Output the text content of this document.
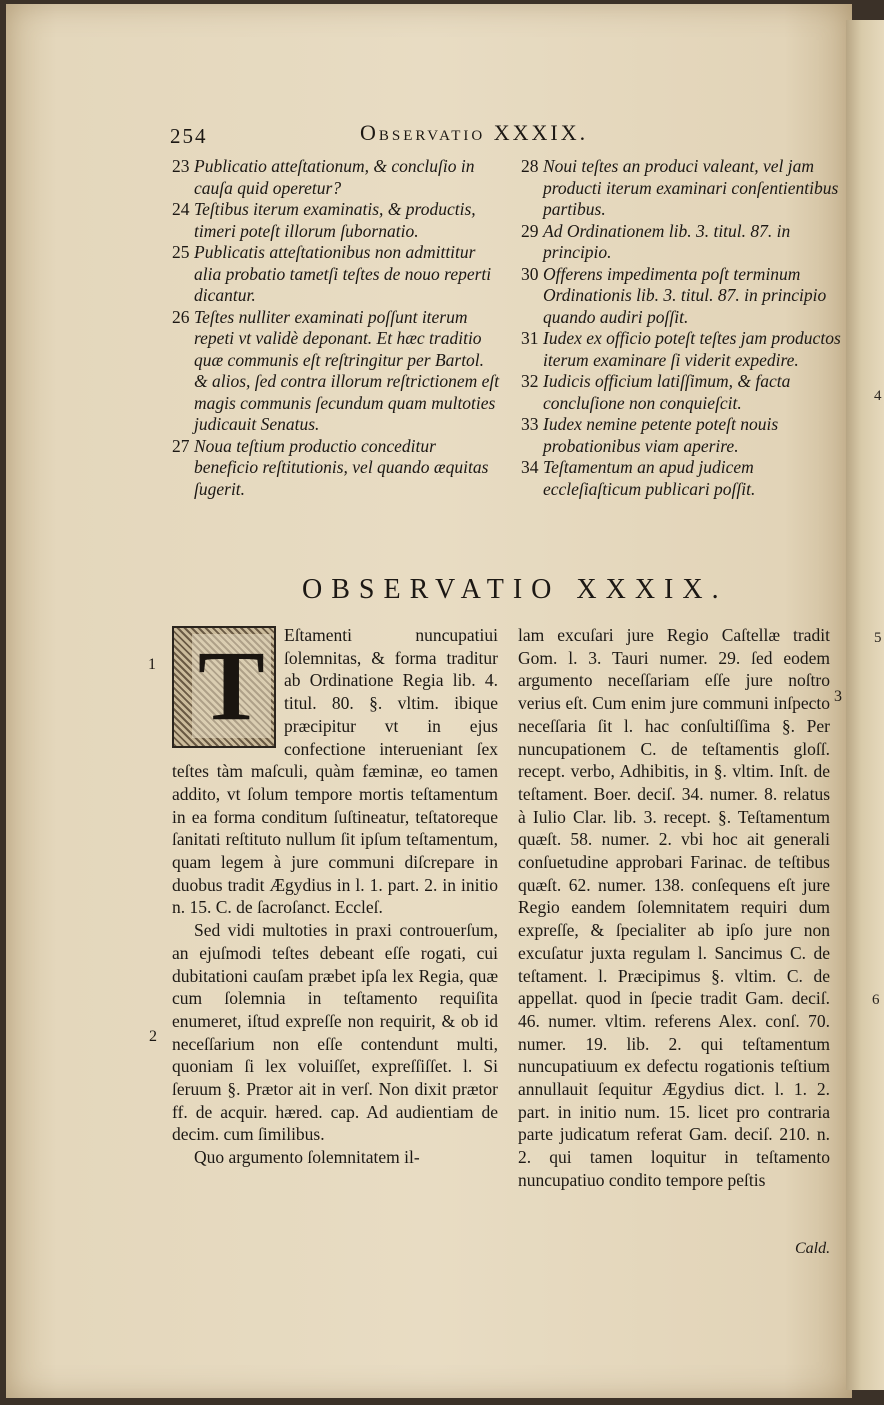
254	Observatio XXXIX.
23 Publicatio atteſtationum, & concluſio in cauſa quid operetur?
24 Teſtibus iterum examinatis, & productis, timeri poteſt illorum ſubornatio.
25 Publicatis atteſtationibus non admittitur alia probatio tametſi teſtes de nouo reperti dicantur.
26 Teſtes nulliter examinati poſſunt iterum repeti vt validè deponant. Et hæc traditio quæ communis eſt reſtringitur per Bartol. & alios, ſed contra illorum reſtrictionem eſt magis communis ſecundum quam multoties judicauit Senatus.
27 Noua teſtium productio conceditur beneficio reſtitutionis, vel quando æquitas ſugerit.
28 Noui teſtes an produci valeant, vel jam producti iterum examinari conſentientibus partibus.
29 Ad Ordinationem lib. 3. titul. 87. in principio.
30 Offerens impedimenta poſt terminum Ordinationis lib. 3. titul. 87. in principio quando audiri poſſit.
31 Iudex ex officio poteſt teſtes jam productos iterum examinare ſi viderit expedire.
32 Iudicis officium latiſſimum, & facta concluſione non conquieſcit.
33 Iudex nemine petente poteſt nouis probationibus viam aperire.
34 Teſtamentum an apud judicem eccleſiaſticum publicari poſſit.
OBSERVATIO XXXIX.

T	Eſtamenti nuncupatiui ſolemnitas, & forma traditur ab Ordinatione Regia lib. 4. titul. 80. §. vltim. ibique præcipitur vt in ejus confectione interueniant ſex teſtes tàm maſculi, quàm fæminæ, eo tamen addito, vt ſolum tempore mortis teſtamentum in ea forma conditum ſuſtineatur, teſtatoreque ſanitati reſtituto nullum ſit ipſum teſtamentum, quam legem à jure communi diſcrepare in duobus tradit Ægydius in l. 1. part. 2. in initio n. 15. C. de ſacroſanct. Eccleſ.

Sed vidi multoties in praxi controuerſum, an ejuſmodi teſtes debeant eſſe rogati, cui dubitationi cauſam præbet ipſa lex Regia, quæ cum ſolemnia in teſtamento requiſita enumeret, iſtud expreſſe non requirit, & ob id neceſſarium non eſſe contendunt multi, quoniam ſi lex voluiſſet, expreſſiſſet. l. Si ſeruum §. Prætor ait in verſ. Non dixit prætor ff. de acquir. hæred. cap. Ad audientiam de decim. cum ſimilibus.

Quo argumento ſolemnitatem il-

lam excuſari jure Regio Caſtellæ tradit Gom. l. 3. Tauri numer. 29. ſed eodem argumento neceſſariam eſſe jure noſtro verius eſt. Cum enim jure communi inſpecto neceſſaria ſit l. hac conſultiſſima §. Per nuncupationem C. de teſtamentis gloſſ. recept. verbo, Adhibitis, in §. vltim. Inſt. de teſtament. Boer. deciſ. 34. numer. 8. relatus à Iulio Clar. lib. 3. recept. §. Teſtamentum quæſt. 58. numer. 2. vbi hoc ait generali conſuetudine approbari Farinac. de teſtibus quæſt. 62. numer. 138. conſequens eſt jure Regio eandem ſolemnitatem requiri dum expreſſe, & ſpecialiter ab ipſo jure non excuſatur juxta regulam l. Sancimus C. de teſtament. l. Præcipimus §. vltim. C. de appellat. quod in ſpecie tradit Gam. deciſ. 46. numer. vltim. referens Alex. conſ. 70. numer. 19. lib. 2. qui teſtamentum nuncupatiuum ex defectu rogationis teſtium annullauit ſequitur Ægydius dict. l. 1. 2. part. in initio num. 15. licet pro contraria parte judicatum referat Gam. deciſ. 210. n. 2. qui tamen loquitur in teſtamento nuncupatiuo condito tempore peſtis

Cald.
1
2
3
4
5
6
